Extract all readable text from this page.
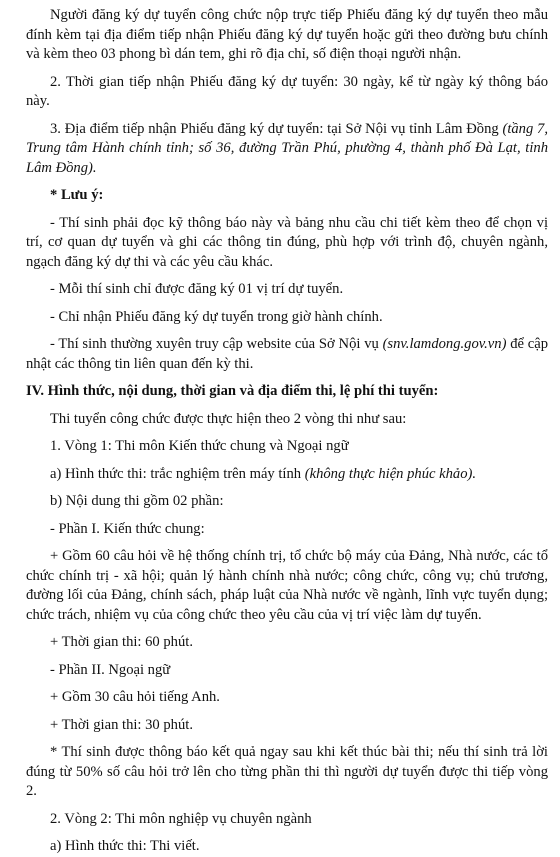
Người đăng ký dự tuyển công chức nộp trực tiếp Phiếu đăng ký dự tuyển theo mẫu đính kèm tại địa điểm tiếp nhận Phiếu đăng ký dự tuyển hoặc gửi theo đường bưu chính và kèm theo 03 phong bì dán tem, ghi rõ địa chỉ, số điện thoại người nhận.

2. Thời gian tiếp nhận Phiếu đăng ký dự tuyển: 30 ngày, kể từ ngày ký thông báo này.

3. Địa điểm tiếp nhận Phiếu đăng ký dự tuyển: tại Sở Nội vụ tỉnh Lâm Đồng (tầng 7, Trung tâm Hành chính tỉnh; số 36, đường Trần Phú, phường 4, thành phố Đà Lạt, tỉnh Lâm Đồng).

* Lưu ý:

- Thí sinh phải đọc kỹ thông báo này và bảng nhu cầu chi tiết kèm theo để chọn vị trí, cơ quan dự tuyển và ghi các thông tin đúng, phù hợp với trình độ, chuyên ngành, ngạch đăng ký dự thi và các yêu cầu khác.

- Mỗi thí sinh chỉ được đăng ký 01 vị trí dự tuyển.

- Chỉ nhận Phiếu đăng ký dự tuyển trong giờ hành chính.

- Thí sinh thường xuyên truy cập website của Sở Nội vụ (snv.lamdong.gov.vn) để cập nhật các thông tin liên quan đến kỳ thi.

IV. Hình thức, nội dung, thời gian và địa điểm thi, lệ phí thi tuyển:

Thi tuyển công chức được thực hiện theo 2 vòng thi như sau:

1. Vòng 1: Thi môn Kiến thức chung và Ngoại ngữ

a) Hình thức thi: trắc nghiệm trên máy tính (không thực hiện phúc khảo).

b) Nội dung thi gồm 02 phần:

- Phần I. Kiến thức chung:

+ Gồm 60 câu hỏi về hệ thống chính trị, tổ chức bộ máy của Đảng, Nhà nước, các tổ chức chính trị - xã hội; quản lý hành chính nhà nước; công chức, công vụ; chủ trương, đường lối của Đảng, chính sách, pháp luật của Nhà nước về ngành, lĩnh vực tuyển dụng; chức trách, nhiệm vụ của công chức theo yêu cầu của vị trí việc làm dự tuyển.

+ Thời gian thi: 60 phút.

- Phần II. Ngoại ngữ

+ Gồm 30 câu hỏi tiếng Anh.

+ Thời gian thi: 30 phút.

* Thí sinh được thông báo kết quả ngay sau khi kết thúc bài thi; nếu thí sinh trả lời đúng từ 50% số câu hỏi trở lên cho từng phần thi thì người dự tuyển được thi tiếp vòng 2.

2. Vòng 2: Thi môn nghiệp vụ chuyên ngành

a) Hình thức thi: Thi viết.
